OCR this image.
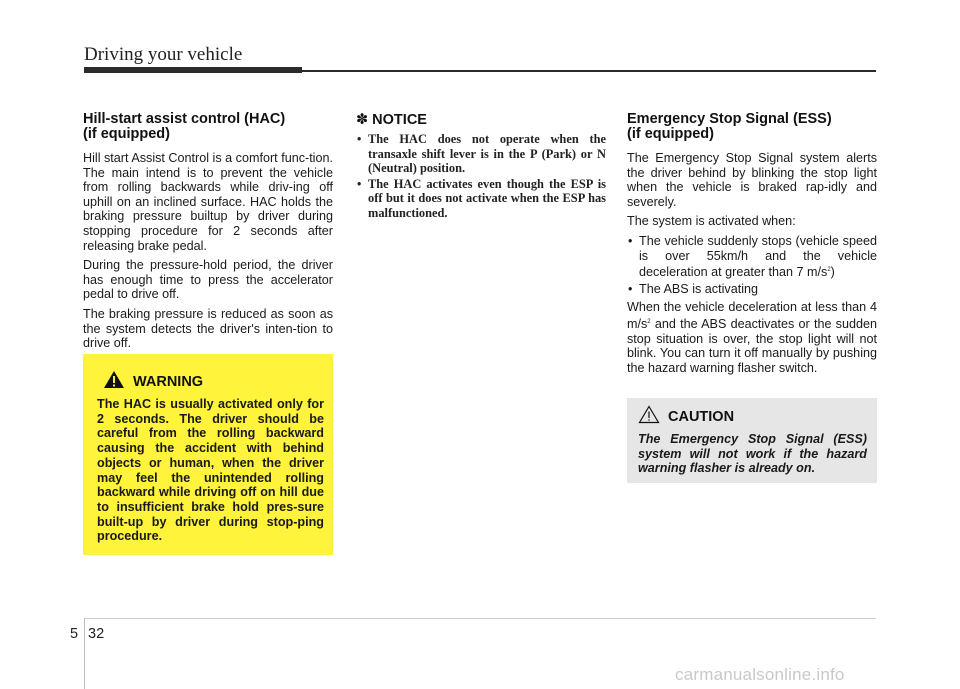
Driving your vehicle
Hill-start assist control (HAC)
(if equipped)

Hill start Assist Control is a comfort func-tion. The main intend is to prevent the vehicle from rolling backwards while driv-ing off uphill on an inclined surface. HAC holds the braking pressure builtup by driver during stopping procedure for 2 seconds after releasing brake pedal.

During the pressure-hold period, the driver has enough time to press the accelerator pedal to drive off.

The braking pressure is reduced as soon as the system detects the driver's inten-tion to drive off.

WARNING

The HAC is usually activated only for 2 seconds. The driver should be careful from the rolling backward causing the accident with behind objects or human, when the driver may feel the unintended rolling backward while driving off on hill due to insufficient brake hold pres-sure built-up by driver during stop-ping procedure.

✽ NOTICE
• The HAC does not operate when the transaxle shift lever is in the P (Park) or N (Neutral) position.
• The HAC activates even though the ESP is off but it does not activate when the ESP has malfunctioned.
Emergency Stop Signal (ESS)
(if equipped)

The Emergency Stop Signal system alerts the driver behind by blinking the stop light when the vehicle is braked rap-idly and severely.

The system is activated when:

• The vehicle suddenly stops (vehicle speed is over 55km/h and the vehicle deceleration at greater than 7 $m/s^2$)
• The ABS is activating

When the vehicle deceleration at less than 4 $m/s^2$ and the ABS deactivates or the sudden stop situation is over, the stop light will not blink. You can turn it off manually by pushing the hazard warning flasher switch.

CAUTION

The Emergency Stop Signal (ESS) system will not work if the hazard warning flasher is already on.

5 32
carmanualsonline.info
